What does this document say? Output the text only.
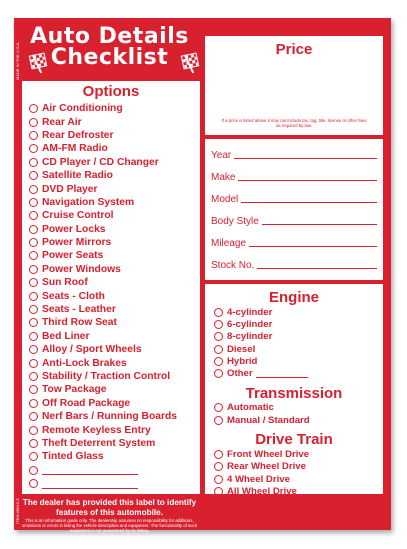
MADE IN THE U.S.A.
ITEM #6012-S
Auto Details
Checklist
Options
Air Conditioning
Rear Air
Rear Defroster
AM-FM Radio
CD Player / CD Changer
Satellite Radio
DVD Player
Navigation System
Cruise Control
Power Locks
Power Mirrors
Power Seats
Power Windows
Sun Roof
Seats - Cloth
Seats - Leather
Third Row Seat
Bed Liner
Alloy / Sport Wheels
Anti-Lock Brakes
Stability / Traction Control
Tow Package
Off Road Package
Nerf Bars / Running Boards
Remote Keyless Entry
Theft Deterrent System
Tinted Glass
The dealer has provided this label to identify features of this automobile.
This is an information guide only. The dealership assumes no responsibility for additions, omissions or errors in listing the vehicle description and equipment. The functionality of such equipment is not guaranteed by its listing.
Price
If a price is listed above it may not include tax, tag, title, license or other fees as required by law.
Year
Make
Model
Body Style
Mileage
Stock No.
Engine
4-cylinder
6-cylinder
8-cylinder
Diesel
Hybrid
Other
Transmission
Automatic
Manual / Standard
Drive Train
Front Wheel Drive
Rear Wheel Drive
4 Wheel Drive
All Wheel Drive
